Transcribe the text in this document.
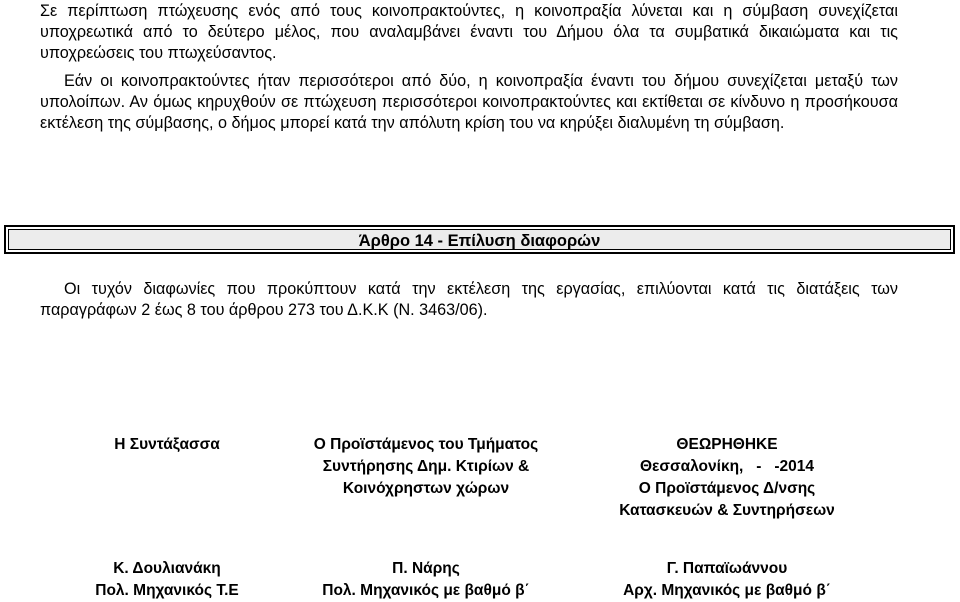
Σε περίπτωση πτώχευσης ενός από τους κοινοπρακτούντες, η κοινοπραξία λύνεται και η σύμβαση συνεχίζεται υποχρεωτικά από το δεύτερο μέλος, που αναλαμβάνει έναντι του Δήμου όλα τα συμβατικά δικαιώματα και τις υποχρεώσεις του πτωχεύσαντος.

Εάν οι κοινοπρακτούντες ήταν περισσότεροι από δύο, η κοινοπραξία έναντι του δήμου συνεχίζεται μεταξύ των υπολοίπων. Αν όμως κηρυχθούν σε πτώχευση περισσότεροι κοινοπρακτούντες και εκτίθεται σε κίνδυνο η προσήκουσα εκτέλεση της σύμβασης, ο δήμος μπορεί κατά την απόλυτη κρίση του να κηρύξει διαλυμένη τη σύμβαση.

Άρθρο 14 - Επίλυση διαφορών

Οι τυχόν διαφωνίες που προκύπτουν κατά την εκτέλεση της εργασίας, επιλύονται κατά τις διατάξεις των παραγράφων 2 έως 8 του άρθρου 273 του Δ.Κ.Κ (Ν. 3463/06).

Η Συντάξασσα	Ο Προϊστάμενος του Τμήματος
Συντήρησης Δημ. Κτιρίων &
Κοινόχρηστων χώρων
ΘΕΩΡΗΘΗΚΕ
Θεσσαλονίκη,   -   -2014
Ο Προϊστάμενος Δ/νσης
Κατασκευών & Συντηρήσεων
Κ. Δουλιανάκη
Πολ. Μηχανικός Τ.Ε
Π. Νάρης
Πολ. Μηχανικός με βαθμό β΄
Γ. Παπαϊωάννου
Αρχ. Μηχανικός με βαθμό β΄
